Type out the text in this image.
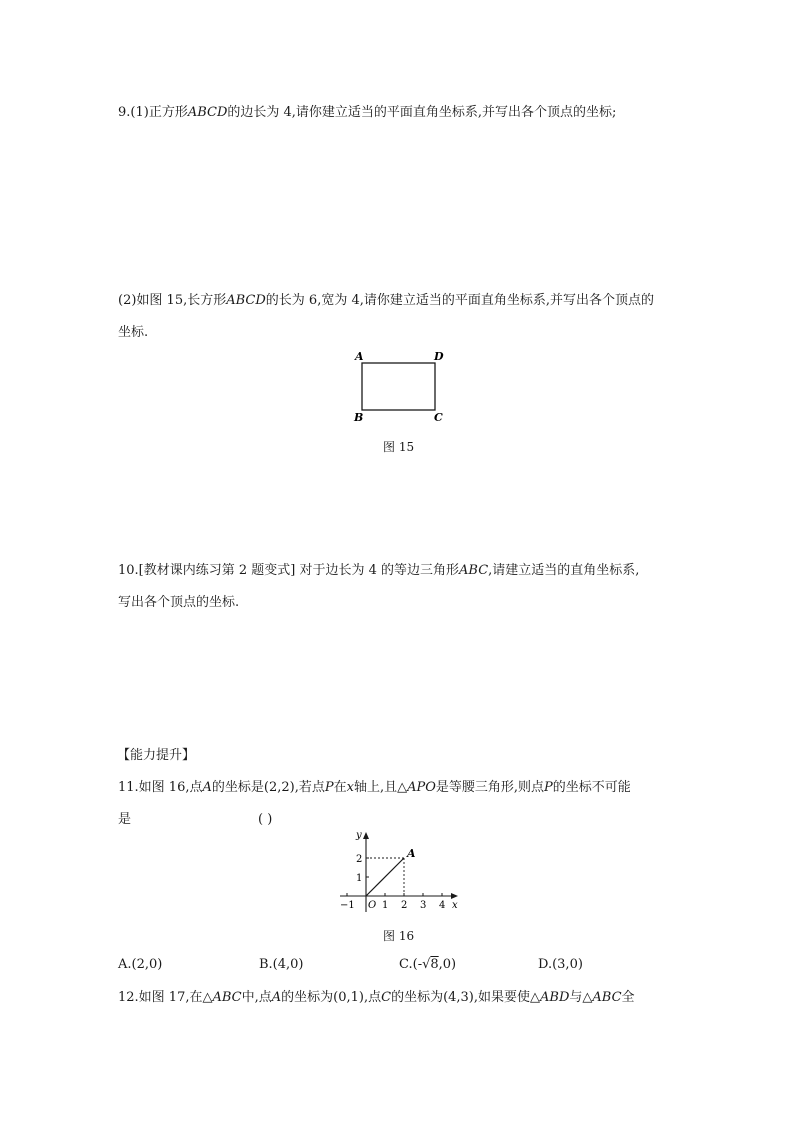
9.(1)正方形ABCD的边长为 4,请你建立适当的平面直角坐标系,并写出各个顶点的坐标;
(2)如图 15,长方形ABCD的长为 6,宽为 4,请你建立适当的平面直角坐标系,并写出各个顶点的
坐标.
A	D
B	C
图 15
10.[教材课内练习第 2 题变式] 对于边长为 4 的等边三角形ABC,请建立适当的直角坐标系,
写出各个顶点的坐标.
【能力提升】
11.如图 16,点A的坐标是(2,2),若点P在x轴上,且△APO是等腰三角形,则点P的坐标不可能
是	( )
y
x
A
O
−1	1 2 3 4
1
2
图 16
A.(2,0)	B.(4,0)	C.(-√8,0)	D.(3,0)
12.如图 17,在△ABC中,点A的坐标为(0,1),点C的坐标为(4,3),如果要使△ABD与△ABC全
